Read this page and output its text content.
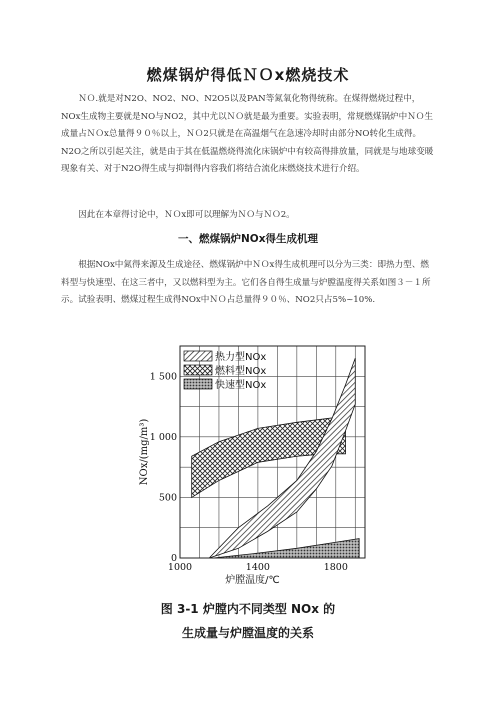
燃煤锅炉得低ＮＯx燃烧技术

ＮＯ.就是对N2O、NO2、NO、N2O5以及PAN等氮氧化物得统称。在煤得燃烧过程中，NOx生成物主要就是NO与NO2，其中尤以ＮＯ就是最为重要。实验表明，常规燃煤锅炉中ＮＯ生成量占ＮＯx总量得９０％以上，ＮＯ2只就是在高温烟气在急速冷却时由部分NO转化生成得。N2O之所以引起关注，就是由于其在低温燃烧得流化床锅炉中有较高得排放量，同就是与地球变暖现象有关、对于N2O得生成与抑制得内容我们将结合流化床燃烧技术进行介绍。

因此在本章得讨论中，ＮＯx即可以理解为ＮＯ与ＮＯ2。

一、燃煤锅炉NOx得生成机理

根据NOx中氮得来源及生成途径、燃煤锅炉中ＮＯx得生成机理可以分为三类：即热力型、燃料型与快速型、在这三者中，又以燃料型为主。它们各自得生成量与炉膛温度得关系如图３－１所示。试验表明、燃煤过程生成得NOx中ＮＯ占总量得９０％、NO2只占5%~10%.

1000	1400	1800
0
500
1 000
1 500
热力型NOx
燃料型NOx
快速型NOx
NOx/(mg/m³)
炉膛温度/℃
图 3-1 炉膛内不同类型 NOx 的
生成量与炉膛温度的关系
